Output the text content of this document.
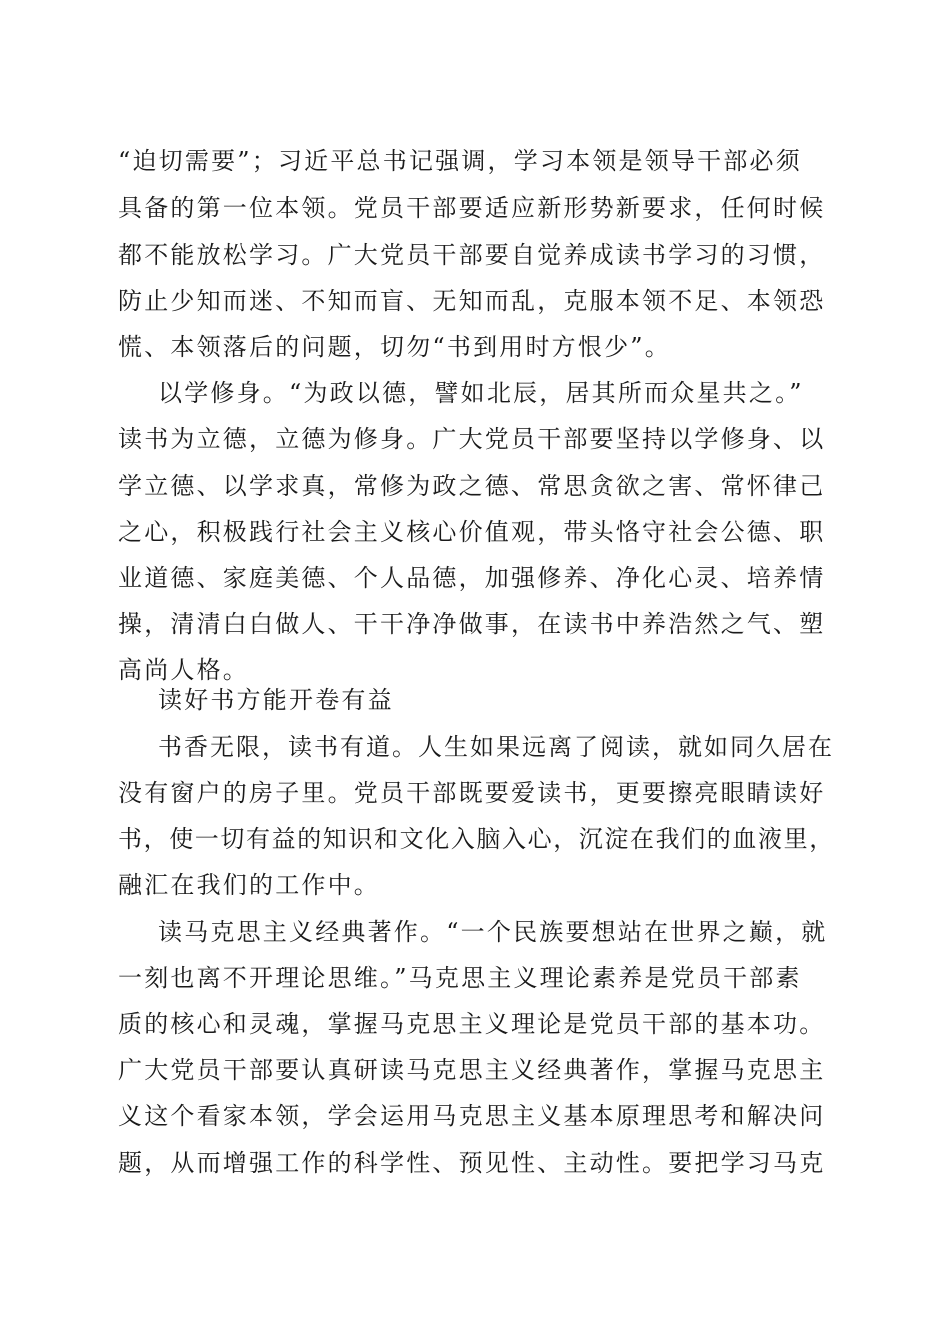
“迫切需要”；习近平总书记强调，学习本领是领导干部必须
具备的第一位本领。党员干部要适应新形势新要求，任何时候
都不能放松学习。广大党员干部要自觉养成读书学习的习惯，
防止少知而迷、不知而盲、无知而乱，克服本领不足、本领恐
慌、本领落后的问题，切勿“书到用时方恨少”。
以学修身。“为政以德，譬如北辰，居其所而众星共之。”
读书为立德，立德为修身。广大党员干部要坚持以学修身、以
学立德、以学求真，常修为政之德、常思贪欲之害、常怀律己
之心，积极践行社会主义核心价值观，带头恪守社会公德、职
业道德、家庭美德、个人品德，加强修养、净化心灵、培养情
操，清清白白做人、干干净净做事，在读书中养浩然之气、塑
高尚人格。
读好书方能开卷有益
书香无限，读书有道。人生如果远离了阅读，就如同久居在
没有窗户的房子里。党员干部既要爱读书，更要擦亮眼睛读好
书，使一切有益的知识和文化入脑入心，沉淀在我们的血液里，
融汇在我们的工作中。
读马克思主义经典著作。“一个民族要想站在世界之巅，就
一刻也离不开理论思维。”马克思主义理论素养是党员干部素
质的核心和灵魂，掌握马克思主义理论是党员干部的基本功。
广大党员干部要认真研读马克思主义经典著作，掌握马克思主
义这个看家本领，学会运用马克思主义基本原理思考和解决问
题，从而增强工作的科学性、预见性、主动性。要把学习马克
